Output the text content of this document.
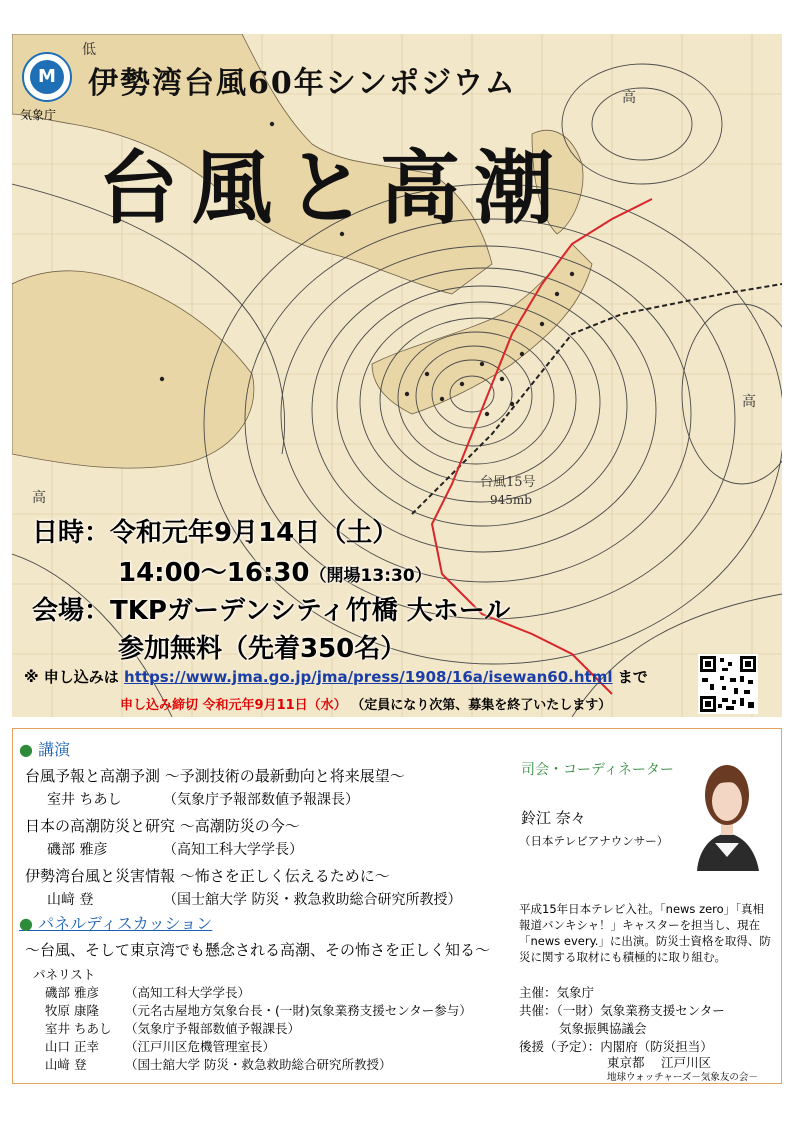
低
高
高
高
台風15号
945mb
M
気象庁
伊勢湾台風60年シンポジウム
台風と高潮
日時：令和元年9月14日（土）
14:00〜16:30（開場13:30）
会場：TKPガーデンシティ竹橋 大ホール
参加無料（先着350名）
※ 申し込みは https://www.jma.go.jp/jma/press/1908/16a/isewan60.html まで
申し込み締切 令和元年9月11日（水） （定員になり次第、募集を終了いたします）
● 講演
台風予報と高潮予測 〜予測技術の最新動向と将来展望〜
室井 ちあし	（気象庁予報部数値予報課長）
日本の高潮防災と研究 〜高潮防災の今〜
磯部 雅彦	（高知工科大学学長）
伊勢湾台風と災害情報 〜怖さを正しく伝えるために〜
山﨑 登	（国士舘大学 防災・救急救助総合研究所教授）
● パネルディスカッション
〜台風、そして東京湾でも懸念される高潮、その怖さを正しく知る〜
パネリスト
磯部 雅彦 （高知工科大学学長）
牧原 康隆 （元名古屋地方気象台長・(一財)気象業務支援センター参与）
室井 ちあし （気象庁予報部数値予報課長）
山口 正幸 （江戸川区危機管理室長）
山﨑 登	（国士舘大学 防災・救急救助総合研究所教授）
司会・コーディネーター
鈴江 奈々
（日本テレビアナウンサー）
平成15年日本テレビ入社。「news zero」「真相
報道バンキシャ！」キャスターを担当し、現在
「news every.」に出演。防災士資格を取得、防
災に関する取材にも積極的に取り組む。
主催：気象庁
共催：（一財）気象業務支援センター
気象振興協議会
後援（予定）：内閣府（防災担当）
東京都　 江戸川区
地球ウォッチャーズ－気象友の会－
